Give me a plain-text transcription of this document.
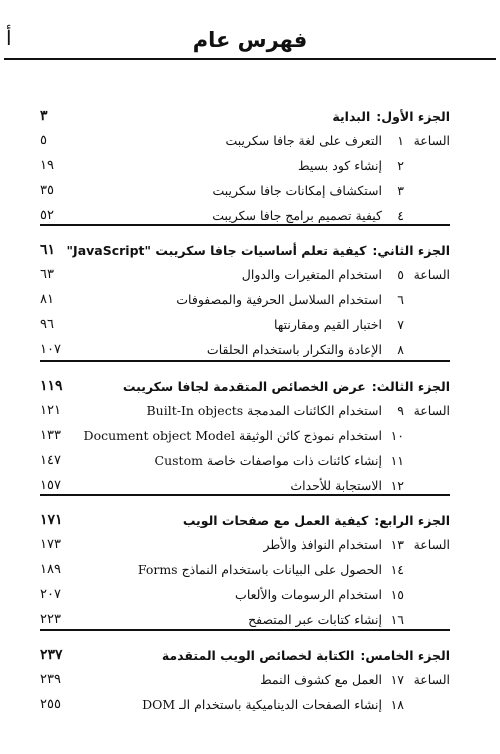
فهرس عام
أ
الجزء الأول:
البداية
٣
الساعة
١
التعرف على لغة جافا سكريبت
٥
٢
إنشاء كود بسيط
١٩
٣
استكشاف إمكانات جافا سكريبت
٣٥
٤
كيفية تصميم برامج جافا سكريبت
٥٢
الجزء الثاني:
كيفية تعلم أساسيات جافا سكريبت "JavaScript"
٦١
الساعة
٥
استخدام المتغيرات والدوال
٦٣
٦
استخدام السلاسل الحرفية والمصفوفات
٨١
٧
اختبار القيم ومقارنتها
٩٦
٨
الإعادة والتكرار باستخدام الحلقات
١٠٧
الجزء الثالث:
عرض الخصائص المتقدمة لجافا سكريبت
١١٩
الساعة
٩
استخدام الكائنات المدمجة Built-In objects
١٢١
١٠
استخدام نموذج كائن الوثيقة Document object Model
١٣٣
١١
إنشاء كائنات ذات مواصفات خاصة Custom
١٤٧
١٢
الاستجابة للأحداث
١٥٧
الجزء الرابع:
كيفية العمل مع صفحات الويب
١٧١
الساعة
١٣
استخدام النوافذ والأطر
١٧٣
١٤
الحصول على البيانات باستخدام النماذج Forms
١٨٩
١٥
استخدام الرسومات والألعاب
٢٠٧
١٦
إنشاء كتابات عبر المتصفح
٢٢٣
الجزء الخامس:
الكتابة لخصائص الويب المتقدمة
٢٣٧
الساعة
١٧
العمل مع كشوف النمط
٢٣٩
١٨
إنشاء الصفحات الديناميكية باستخدام الـ DOM
٢٥٥
